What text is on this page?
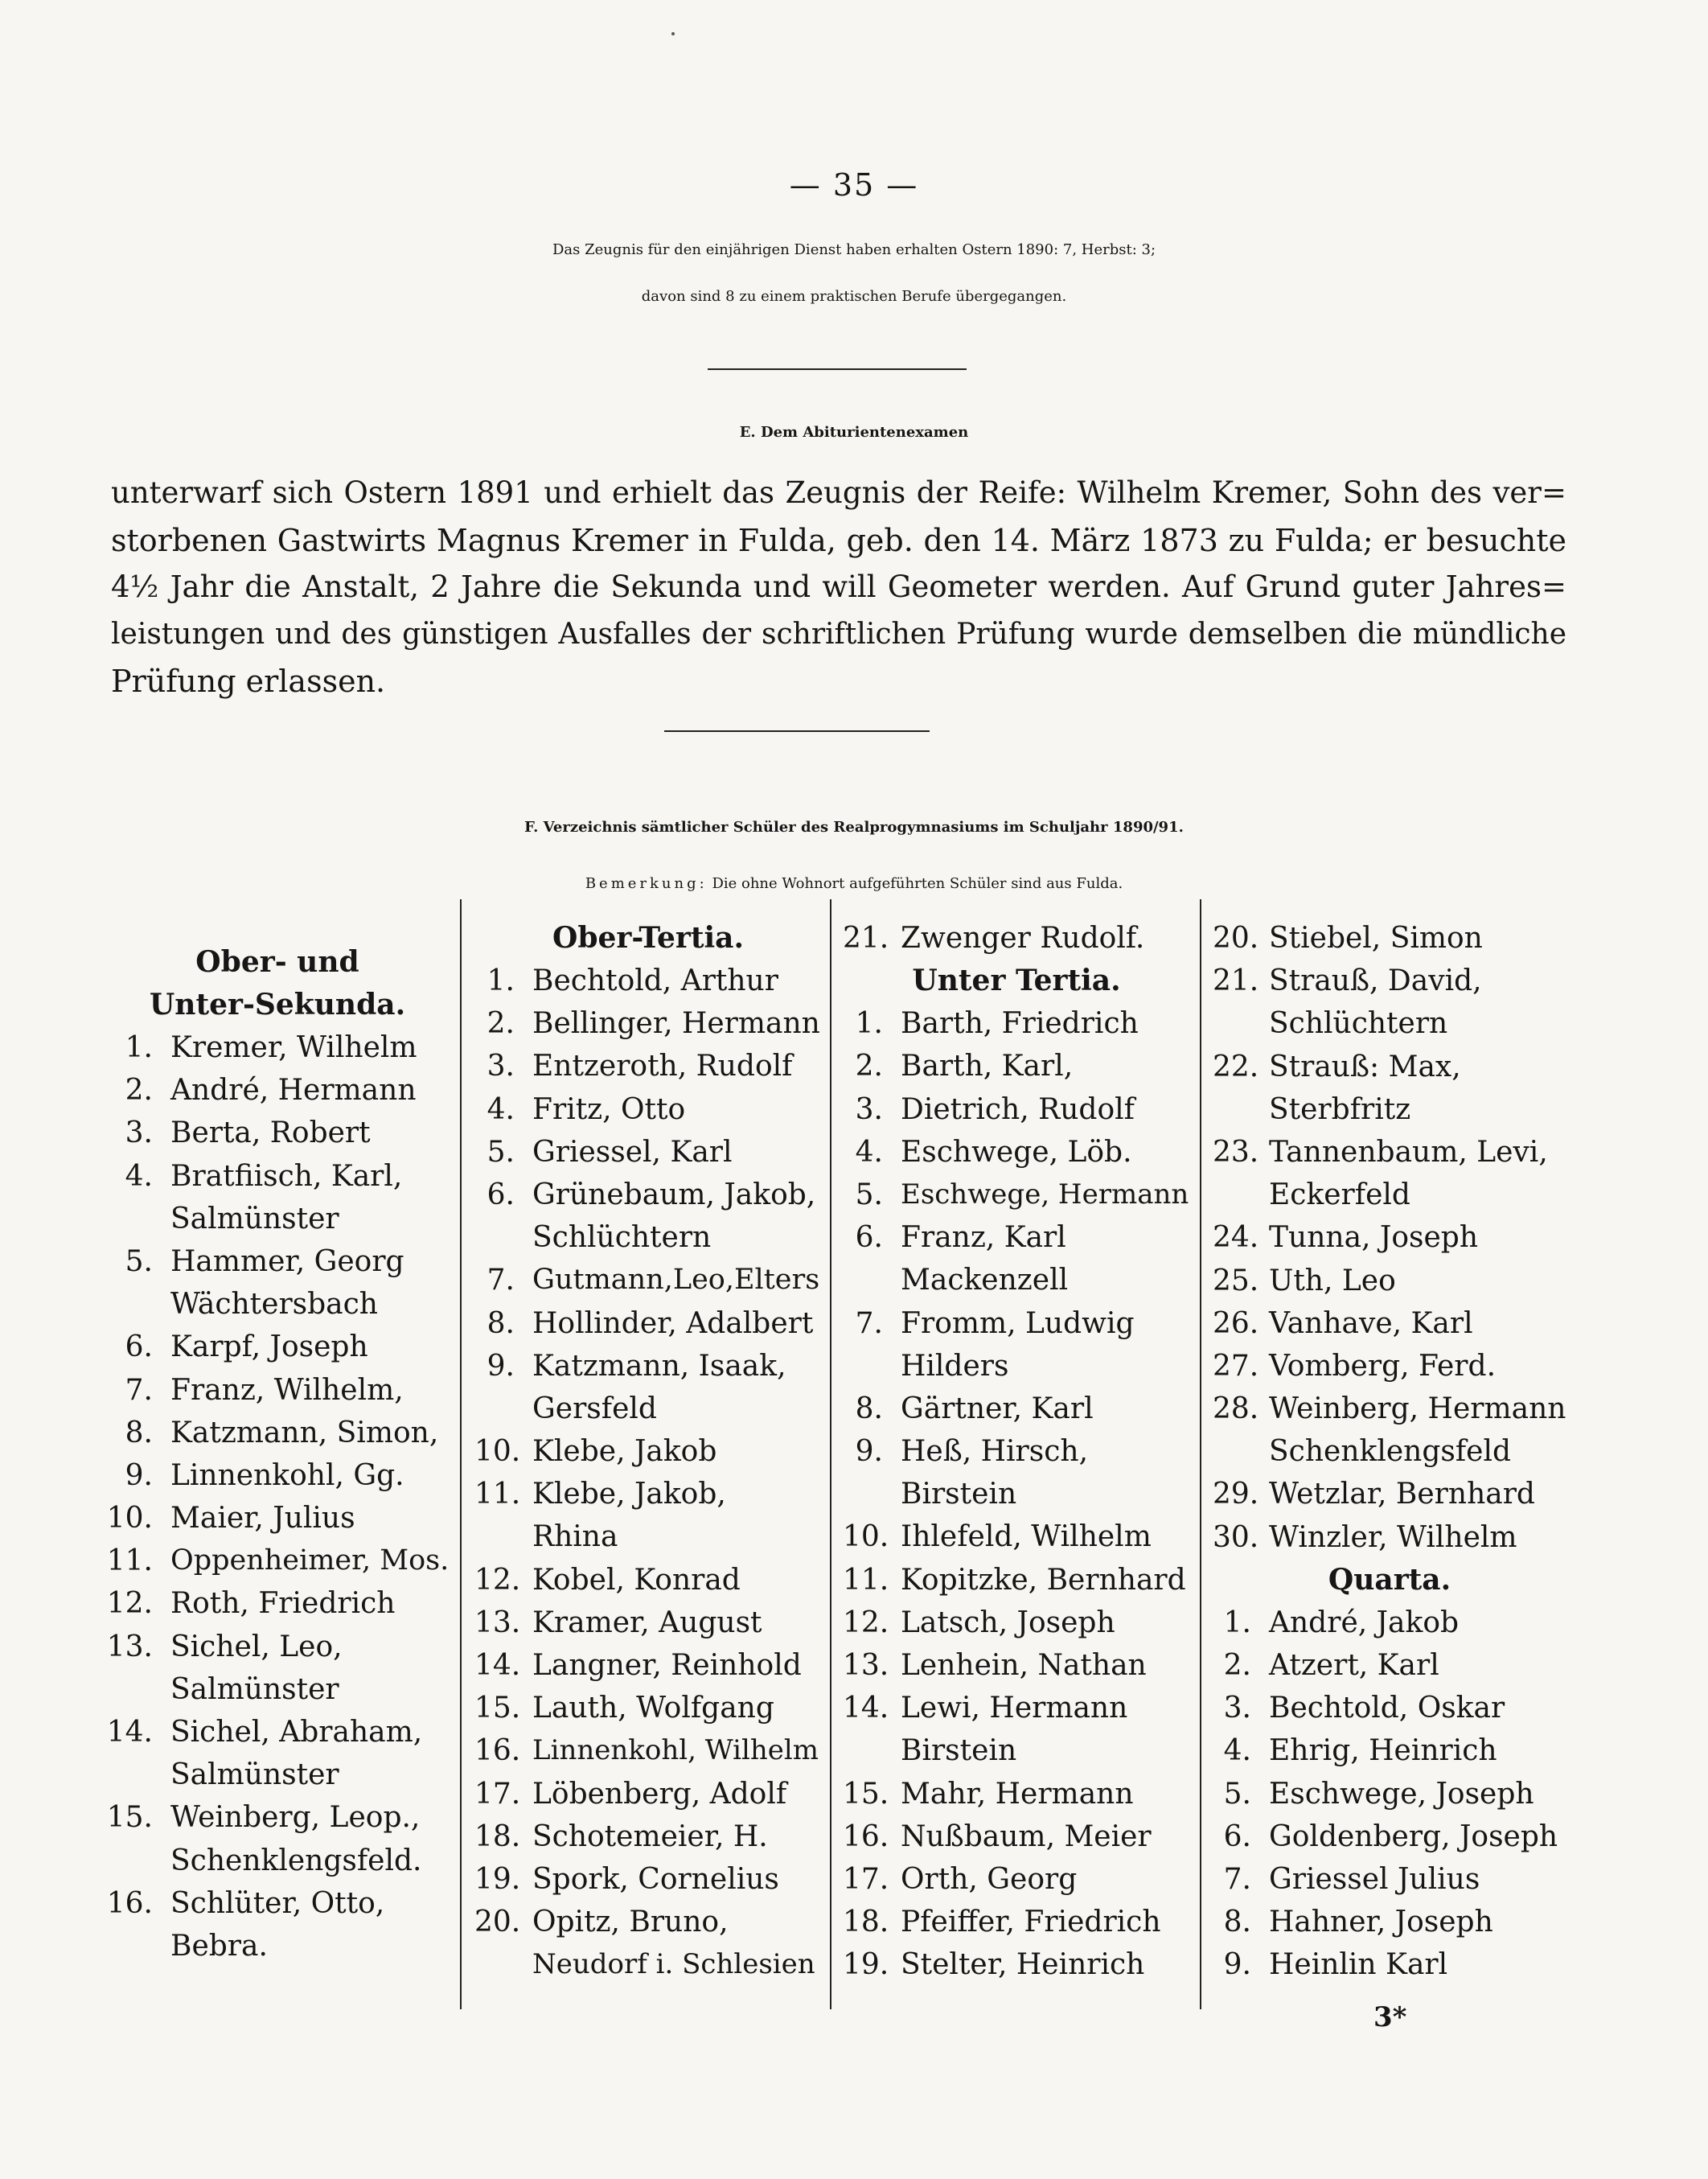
— 35 —
Das Zeugnis für den einjährigen Dienst haben erhalten Ostern 1890: 7, Herbst: 3;
davon sind 8 zu einem praktischen Berufe übergegangen.
E. Dem Abiturientenexamen
unterwarf sich Ostern 1891 und erhielt das Zeugnis der Reife: Wilhelm Kremer, Sohn des ver=
storbenen Gastwirts Magnus Kremer in Fulda, geb. den 14. März 1873 zu Fulda; er besuchte
4½ Jahr die Anstalt, 2 Jahre die Sekunda und will Geometer werden. Auf Grund guter Jahres=
leistungen und des günstigen Ausfalles der schriftlichen Prüfung wurde demselben die mündliche
Prüfung erlassen.
F. Verzeichnis sämtlicher Schüler des Realprogymnasiums im Schuljahr 1890/91.
Bemerkung: Die ohne Wohnort aufgeführten Schüler sind aus Fulda.
Ober- und
Unter-Sekunda.
1. Kremer, Wilhelm
2. André, Hermann
3. Berta, Robert
4. Bratfiisch, Karl,
Salmünster
5. Hammer, Georg
Wächtersbach
6. Karpf, Joseph
7. Franz, Wilhelm,
8. Katzmann, Simon,
9. Linnenkohl, Gg.
10. Maier, Julius
11. Oppenheimer, Mos.
12. Roth, Friedrich
13. Sichel, Leo,
Salmünster
14. Sichel, Abraham,
Salmünster
15. Weinberg, Leop.,
Schenklengsfeld.
16. Schlüter, Otto,
Bebra.
Ober-Tertia.
1. Bechtold, Arthur
2. Bellinger, Hermann
3. Entzeroth, Rudolf
4. Fritz, Otto
5. Griessel, Karl
6. Grünebaum, Jakob,
Schlüchtern
7. Gutmann,Leo,Elters
8. Hollinder, Adalbert
9. Katzmann, Isaak,
Gersfeld
10. Klebe, Jakob
11. Klebe, Jakob,
Rhina
12. Kobel, Konrad
13. Kramer, August
14. Langner, Reinhold
15. Lauth, Wolfgang
16. Linnenkohl, Wilhelm
17. Löbenberg, Adolf
18. Schotemeier, H.
19. Spork, Cornelius
20. Opitz, Bruno,
Neudorf i. Schlesien
21. Zwenger Rudolf.
Unter Tertia.
1. Barth, Friedrich
2. Barth, Karl,
3. Dietrich, Rudolf
4. Eschwege, Löb.
5. Eschwege, Hermann
6. Franz, Karl
Mackenzell
7. Fromm, Ludwig
Hilders
8. Gärtner, Karl
9. Heß, Hirsch,
Birstein
10. Ihlefeld, Wilhelm
11. Kopitzke, Bernhard
12. Latsch, Joseph
13. Lenhein, Nathan
14. Lewi, Hermann
Birstein
15. Mahr, Hermann
16. Nußbaum, Meier
17. Orth, Georg
18. Pfeiffer, Friedrich
19. Stelter, Heinrich
20. Stiebel, Simon
21. Strauß, David,
Schlüchtern
22. Strauß: Max,
Sterbfritz
23. Tannenbaum, Levi,
Eckerfeld
24. Tunna, Joseph
25. Uth, Leo
26. Vanhave, Karl
27. Vomberg, Ferd.
28. Weinberg, Hermann
Schenklengsfeld
29. Wetzlar, Bernhard
30. Winzler, Wilhelm
Quarta.
1. André, Jakob
2. Atzert, Karl
3. Bechtold, Oskar
4. Ehrig, Heinrich
5. Eschwege, Joseph
6. Goldenberg, Joseph
7. Griessel Julius
8. Hahner, Joseph
9. Heinlin Karl
3*
